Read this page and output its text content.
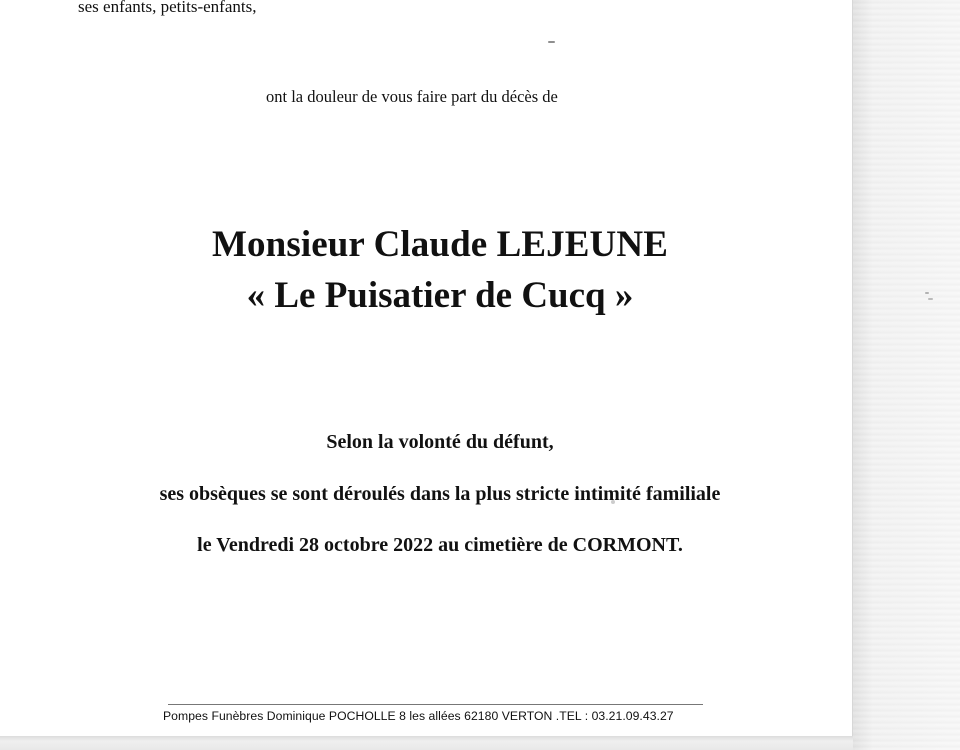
ses enfants, petits-enfants,
ont la douleur de vous faire part du décès de
Monsieur Claude LEJEUNE
« Le Puisatier de Cucq »
Selon la volonté du défunt,
ses obsèques se sont déroulés dans la plus stricte intimité familiale
le Vendredi 28 octobre 2022 au cimetière de CORMONT.
Pompes Funèbres Dominique POCHOLLE 8 les allées 62180 VERTON .TEL : 03.21.09.43.27
